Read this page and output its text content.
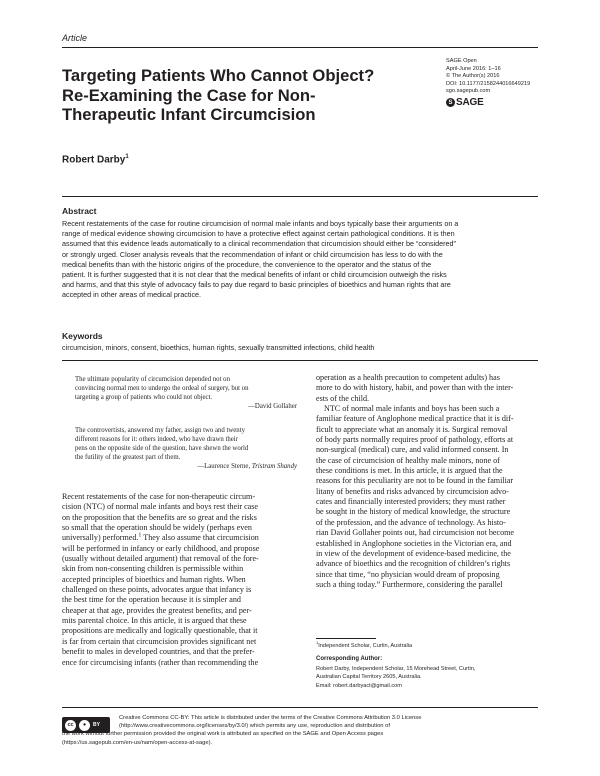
Article
Targeting Patients Who Cannot Object?
Re-Examining the Case for Non-
Therapeutic Infant Circumcision
SAGE Open
April-June 2016: 1–16
© The Author(s) 2016
DOI: 10.1177/2158244016649219
sgo.sagepub.com
S SAGE
Robert Darby$^1$
Abstract
Recent restatements of the case for routine circumcision of normal male infants and boys typically base their arguments on a
range of medical evidence showing circumcision to have a protective effect against certain pathological conditions. It is then
assumed that this evidence leads automatically to a clinical recommendation that circumcision should either be “considered”
or strongly urged. Closer analysis reveals that the recommendation of infant or child circumcision has less to do with the
medical benefits than with the historic origins of the procedure, the convenience to the operator and the status of the
patient. It is further suggested that it is not clear that the medical benefits of infant or child circumcision outweigh the risks
and harms, and that this style of advocacy fails to pay due regard to basic principles of bioethics and human rights that are
accepted in other areas of medical practice.
Keywords
circumcision, minors, consent, bioethics, human rights, sexually transmitted infections, child health
The ultimate popularity of circumcision depended not on
convincing normal men to undergo the ordeal of surgery, but on
targeting a group of patients who could not object.
—David Gollaher
The controvertists, answered my father, assign two and twenty
different reasons for it: others indeed, who have drawn their
pens on the opposite side of the question, have shewn the world
the futility of the greatest part of them.
—Laurence Sterne, Tristram Shandy
Recent restatements of the case for non-therapeutic circum-
cision (NTC) of normal male infants and boys rest their case
on the proposition that the benefits are so great and the risks
so small that the operation should be widely (perhaps even
universally) performed.$^1$ They also assume that circumcision
will be performed in infancy or early childhood, and propose
(usually without detailed argument) that removal of the fore-
skin from non-consenting children is permissible within
accepted principles of bioethics and human rights. When
challenged on these points, advocates argue that infancy is
the best time for the operation because it is simpler and
cheaper at that age, provides the greatest benefits, and per-
mits parental choice. In this article, it is argued that these
propositions are medically and logically questionable, that it
is far from certain that circumcision provides significant net
benefit to males in developed countries, and that the prefer-
ence for circumcising infants (rather than recommending the
operation as a health precaution to competent adults) has
more to do with history, habit, and power than with the inter-
ests of the child.
NTC of normal male infants and boys has been such a
familiar feature of Anglophone medical practice that it is dif-
ficult to appreciate what an anomaly it is. Surgical removal
of body parts normally requires proof of pathology, efforts at
non-surgical (medical) cure, and valid informed consent. In
the case of circumcision of healthy male minors, none of
these conditions is met. In this article, it is argued that the
reasons for this peculiarity are not to be found in the familiar
litany of benefits and risks advanced by circumcision advo-
cates and financially interested providers; they must rather
be sought in the history of medical knowledge, the structure
of the profession, and the advance of technology. As histo-
rian David Gollaher points out, had circumcision not become
established in Anglophone societies in the Victorian era, and
in view of the development of evidence-based medicine, the
advance of bioethics and the recognition of children’s rights
since that time, “no physician would dream of proposing
such a thing today.” Furthermore, considering the parallel
$^1$Independent Scholar, Curtin, Australia
Corresponding Author:
Robert Darby, Independent Scholar, 15 Morehead Street, Curtin,
Australian Capital Territory 2605, Australia.
Email: robert.darbyact@gmail.com
cc	●	BY
Creative Commons CC-BY: This article is distributed under the terms of the Creative Commons Attribution 3.0 License
(http://www.creativecommons.org/licenses/by/3.0/) which permits any use, reproduction and distribution of
the work without further permission provided the original work is attributed as specified on the SAGE and Open Access pages
(https://us.sagepub.com/en-us/nam/open-access-at-sage).
